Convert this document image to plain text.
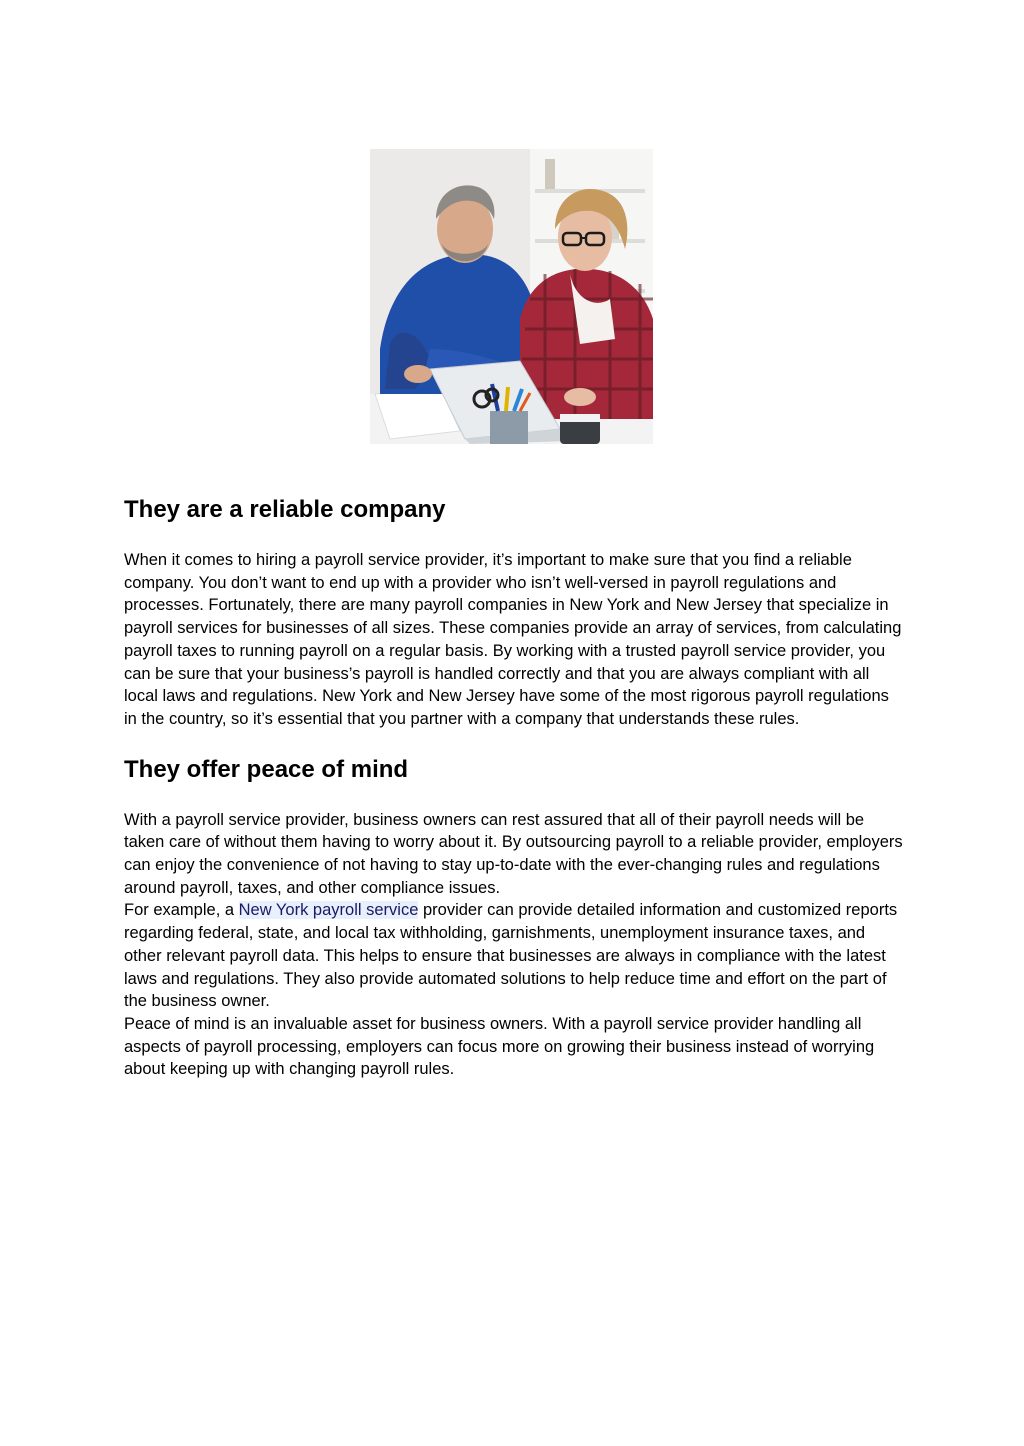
They are a reliable company

When it comes to hiring a payroll service provider, it’s important to make sure that you find a reliable company. You don’t want to end up with a provider who isn’t well-versed in payroll regulations and processes. Fortunately, there are many payroll companies in New York and New Jersey that specialize in payroll services for businesses of all sizes. These companies provide an array of services, from calculating payroll taxes to running payroll on a regular basis. By working with a trusted payroll service provider, you can be sure that your business’s payroll is handled correctly and that you are always compliant with all local laws and regulations. New York and New Jersey have some of the most rigorous payroll regulations in the country, so it’s essential that you partner with a company that understands these rules.

They offer peace of mind

With a payroll service provider, business owners can rest assured that all of their payroll needs will be taken care of without them having to worry about it. By outsourcing payroll to a reliable provider, employers can enjoy the convenience of not having to stay up-to-date with the ever-changing rules and regulations around payroll, taxes, and other compliance issues.

For example, a New York payroll service provider can provide detailed information and customized reports regarding federal, state, and local tax withholding, garnishments, unemployment insurance taxes, and other relevant payroll data. This helps to ensure that businesses are always in compliance with the latest laws and regulations. They also provide automated solutions to help reduce time and effort on the part of the business owner.

Peace of mind is an invaluable asset for business owners. With a payroll service provider handling all aspects of payroll processing, employers can focus more on growing their business instead of worrying about keeping up with changing payroll rules.
